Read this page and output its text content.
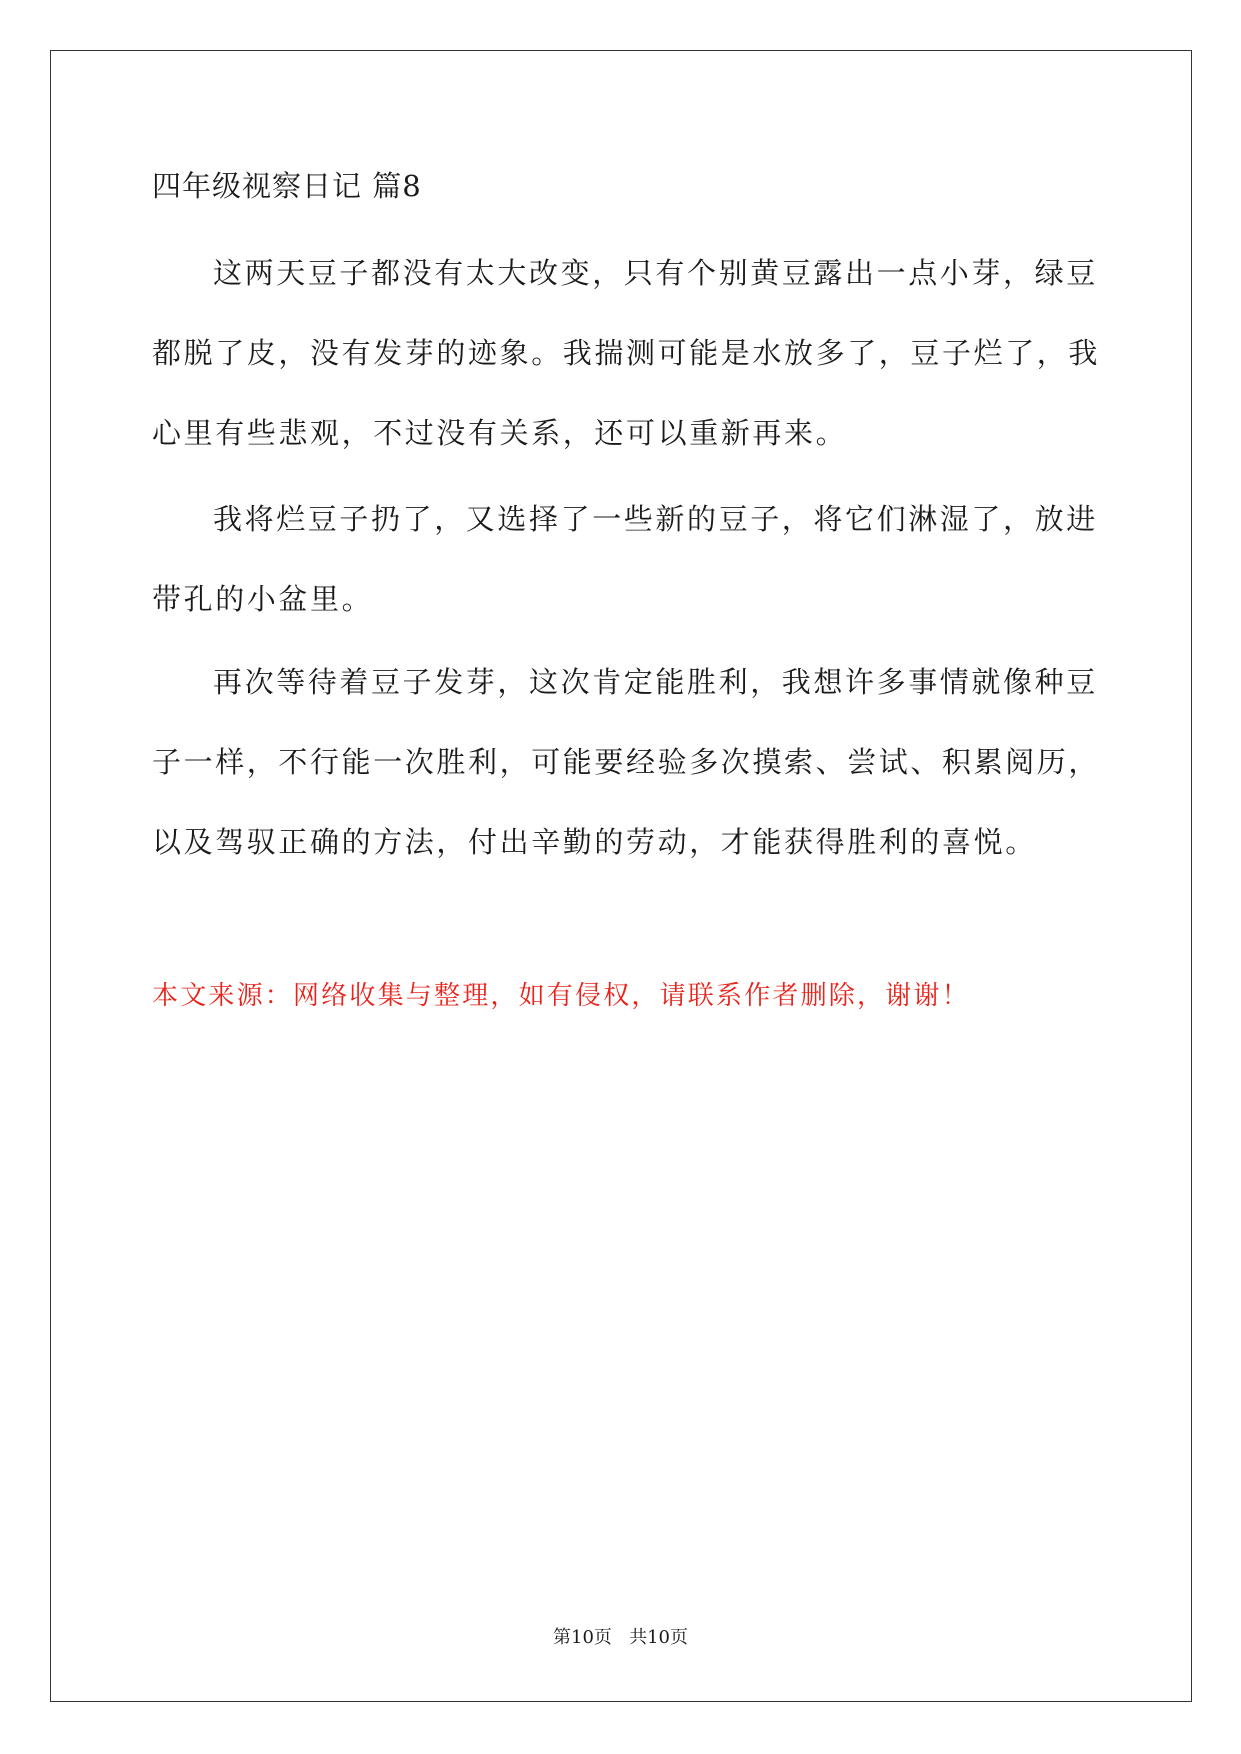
四年级视察日记 篇8

这两天豆子都没有太大改变，只有个别黄豆露出一点小芽，绿豆
都脱了皮，没有发芽的迹象。我揣测可能是水放多了，豆子烂了，我
心里有些悲观，不过没有关系，还可以重新再来。

我将烂豆子扔了，又选择了一些新的豆子，将它们淋湿了，放进
带孔的小盆里。

再次等待着豆子发芽，这次肯定能胜利，我想许多事情就像种豆
子一样，不行能一次胜利，可能要经验多次摸索、尝试、积累阅历，
以及驾驭正确的方法，付出辛勤的劳动，才能获得胜利的喜悦。

本文来源：网络收集与整理，如有侵权，请联系作者删除，谢谢！
第10页 共10页
